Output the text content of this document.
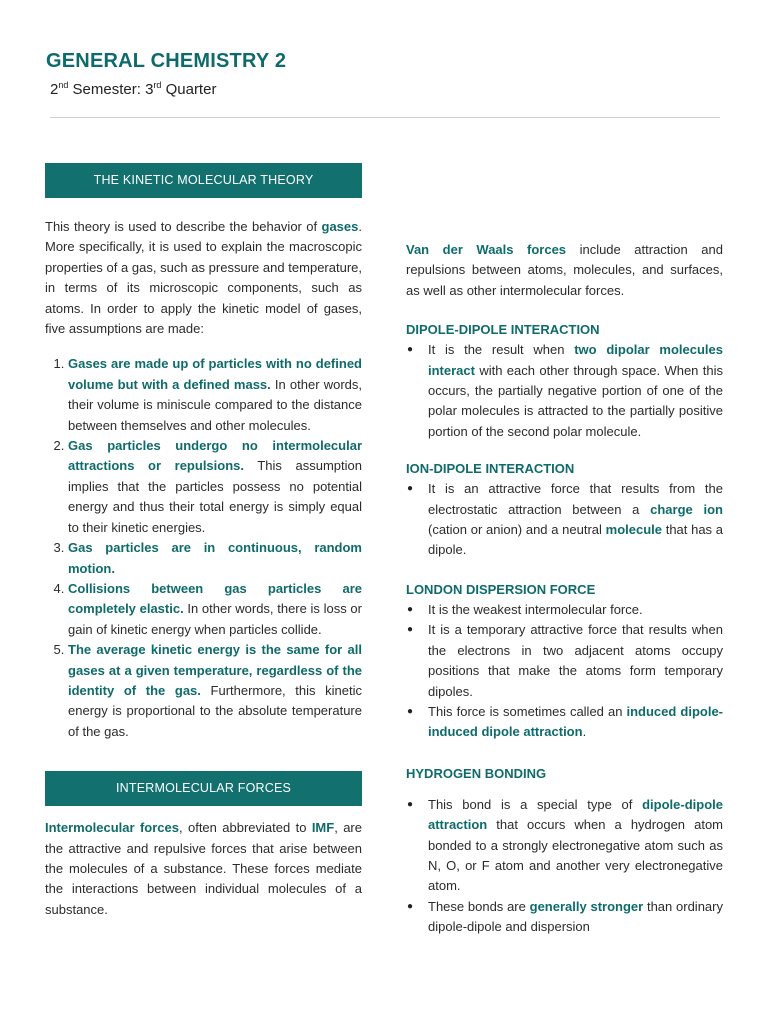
GENERAL CHEMISTRY 2
2nd Semester: 3rd Quarter
THE KINETIC MOLECULAR THEORY

This theory is used to describe the behavior of gases. More specifically, it is used to explain the macroscopic properties of a gas, such as pressure and temperature, in terms of its microscopic components, such as atoms. In order to apply the kinetic model of gases, five assumptions are made:

1. Gases are made up of particles with no defined volume but with a defined mass. In other words, their volume is miniscule compared to the distance between themselves and other molecules.
2. Gas particles undergo no intermolecular attractions or repulsions. This assumption implies that the particles possess no potential energy and thus their total energy is simply equal to their kinetic energies.
3. Gas particles are in continuous, random motion.
4. Collisions between gas particles are completely elastic. In other words, there is loss or gain of kinetic energy when particles collide.
5. The average kinetic energy is the same for all gases at a given temperature, regardless of the identity of the gas. Furthermore, this kinetic energy is proportional to the absolute temperature of the gas.
INTERMOLECULAR FORCES

Intermolecular forces, often abbreviated to IMF, are the attractive and repulsive forces that arise between the molecules of a substance. These forces mediate the interactions between individual molecules of a substance.

Van der Waals forces include attraction and repulsions between atoms, molecules, and surfaces, as well as other intermolecular forces.

DIPOLE-DIPOLE INTERACTION
● It is the result when two dipolar molecules interact with each other through space. When this occurs, the partially negative portion of one of the polar molecules is attracted to the partially positive portion of the second polar molecule.
ION-DIPOLE INTERACTION
● It is an attractive force that results from the electrostatic attraction between a charge ion (cation or anion) and a neutral molecule that has a dipole.
LONDON DISPERSION FORCE
● It is the weakest intermolecular force.
● It is a temporary attractive force that results when the electrons in two adjacent atoms occupy positions that make the atoms form temporary dipoles.
● This force is sometimes called an induced dipole-induced dipole attraction.
HYDROGEN BONDING
● This bond is a special type of dipole-dipole attraction that occurs when a hydrogen atom bonded to a strongly electronegative atom such as N, O, or F atom and another very electronegative atom.
● These bonds are generally stronger than ordinary dipole-dipole and dispersion
